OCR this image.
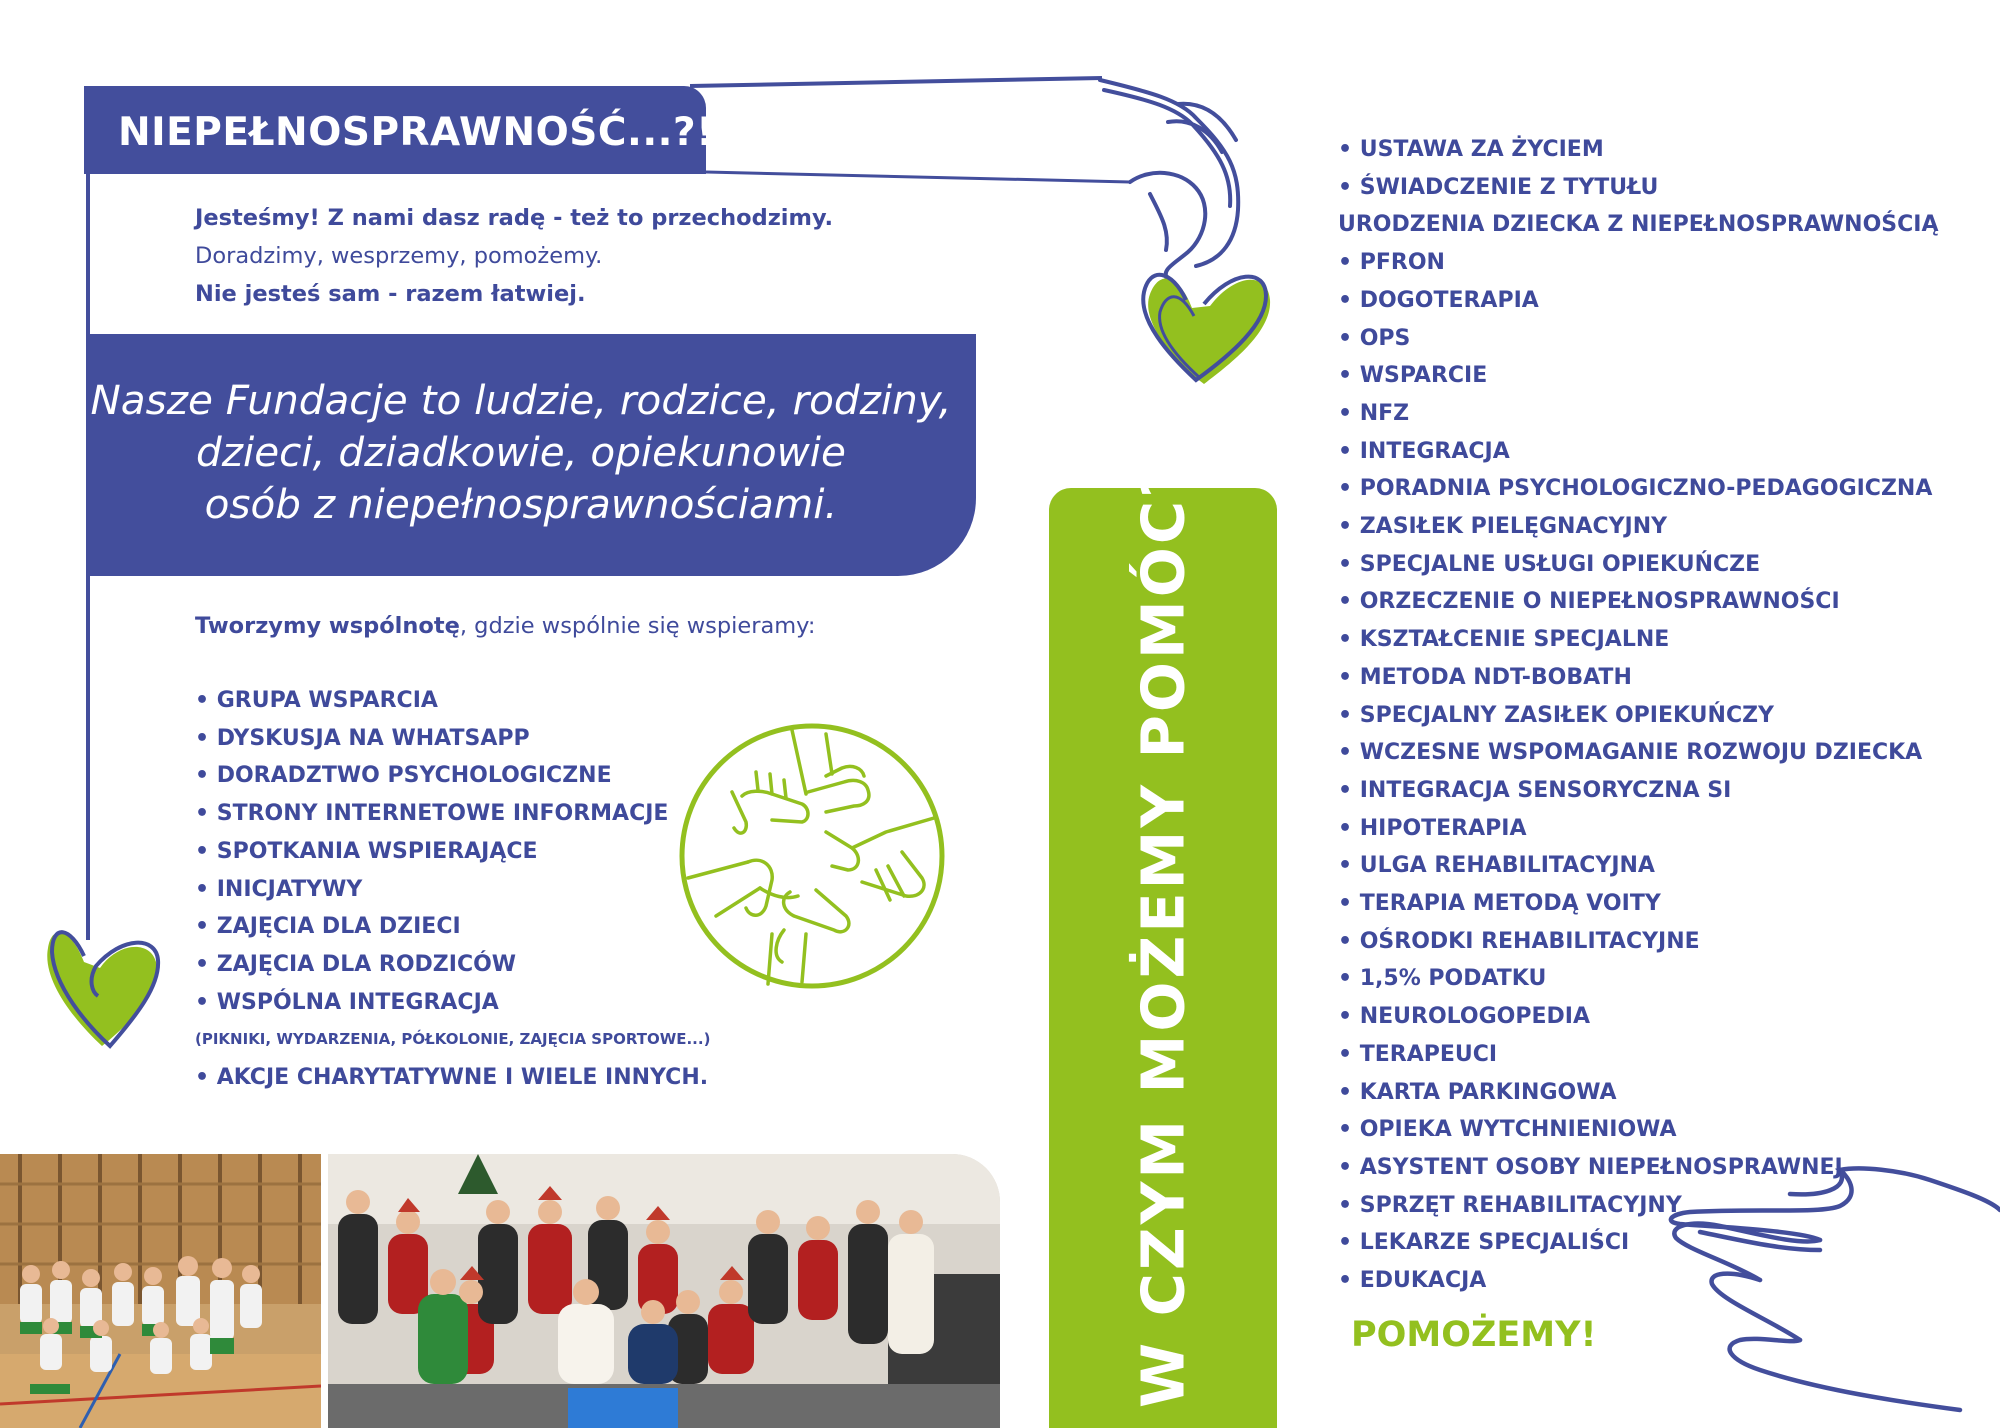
NIEPEŁNOSPRAWNOŚĆ...?!
Jesteśmy! Z nami dasz radę - też to przechodzimy.
Doradzimy, wesprzemy, pomożemy.
Nie jesteś sam - razem łatwiej.
Nasze Fundacje to ludzie, rodzice, rodziny,
dzieci, dziadkowie, opiekunowie
osób z niepełnosprawnościami.
Tworzymy wspólnotę, gdzie wspólnie się wspieramy:
• GRUPA WSPARCIA
• DYSKUSJA NA WHATSAPP
• DORADZTWO PSYCHOLOGICZNE
• STRONY INTERNETOWE INFORMACJE
• SPOTKANIA WSPIERAJĄCE
• INICJATYWY
• ZAJĘCIA DLA DZIECI
• ZAJĘCIA DLA RODZICÓW
• WSPÓLNA INTEGRACJA
(PIKNIKI, WYDARZENIA, PÓŁKOLONIE, ZAJĘCIA SPORTOWE...)
• AKCJE CHARYTATYWNE I WIELE INNYCH.	W CZYM MOŻEMY POMÓC?
• USTAWA ZA ŻYCIEM
• ŚWIADCZENIE Z TYTUŁU
URODZENIA DZIECKA Z NIEPEŁNOSPRAWNOŚCIĄ
• PFRON
• DOGOTERAPIA
• OPS
• WSPARCIE
• NFZ
• INTEGRACJA
• PORADNIA PSYCHOLOGICZNO-PEDAGOGICZNA
• ZASIŁEK PIELĘGNACYJNY
• SPECJALNE USŁUGI OPIEKUŃCZE
• ORZECZENIE O NIEPEŁNOSPRAWNOŚCI
• KSZTAŁCENIE SPECJALNE
• METODA NDT-BOBATH
• SPECJALNY ZASIŁEK OPIEKUŃCZY
• WCZESNE WSPOMAGANIE ROZWOJU DZIECKA
• INTEGRACJA SENSORYCZNA SI
• HIPOTERAPIA
• ULGA REHABILITACYJNA
• TERAPIA METODĄ VOITY
• OŚRODKI REHABILITACYJNE
• 1,5% PODATKU
• NEUROLOGOPEDIA
• TERAPEUCI
• KARTA PARKINGOWA
• OPIEKA WYTCHNIENIOWA
• ASYSTENT OSOBY NIEPEŁNOSPRAWNEJ
• SPRZĘT REHABILITACYJNY
• LEKARZE SPECJALIŚCI
• EDUKACJA
POMOŻEMY!
